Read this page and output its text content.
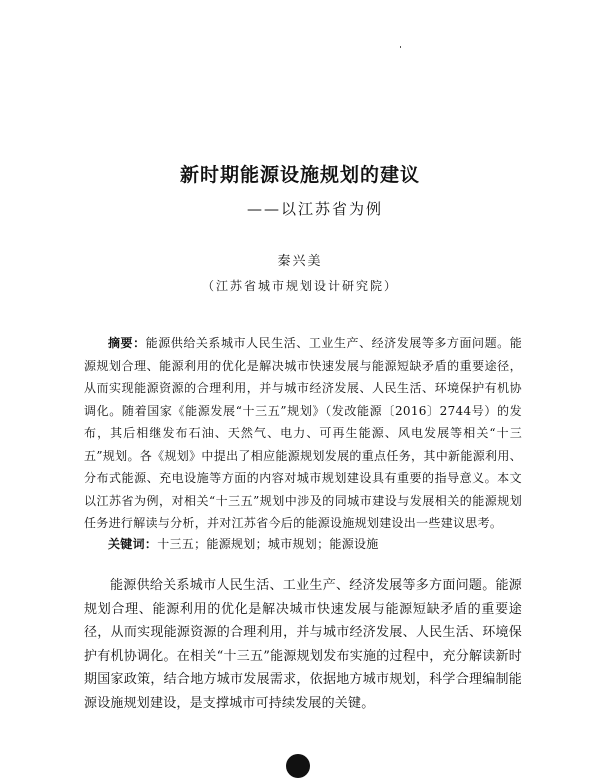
新时期能源设施规划的建议
——以江苏省为例
秦兴美
（江苏省城市规划设计研究院）

摘要：能源供给关系城市人民生活、工业生产、经济发展等多方面问题。能源规划合理、能源利用的优化是解决城市快速发展与能源短缺矛盾的重要途径，从而实现能源资源的合理利用，并与城市经济发展、人民生活、环境保护有机协调化。随着国家《能源发展“十三五”规划》（发改能源〔2016〕2744号）的发布，其后相继发布石油、天然气、电力、可再生能源、风电发展等相关“十三五”规划。各《规划》中提出了相应能源规划发展的重点任务，其中新能源利用、分布式能源、充电设施等方面的内容对城市规划建设具有重要的指导意义。本文以江苏省为例，对相关“十三五”规划中涉及的同城市建设与发展相关的能源规划任务进行解读与分析，并对江苏省今后的能源设施规划建设出一些建议思考。

关键词：十三五；能源规划；城市规划；能源设施

能源供给关系城市人民生活、工业生产、经济发展等多方面问题。能源规划合理、能源利用的优化是解决城市快速发展与能源短缺矛盾的重要途径，从而实现能源资源的合理利用，并与城市经济发展、人民生活、环境保护有机协调化。在相关“十三五”能源规划发布实施的过程中，充分解读新时期国家政策，结合地方城市发展需求，依据地方城市规划，科学合理编制能源设施规划建设，是支撑城市可持续发展的关键。
